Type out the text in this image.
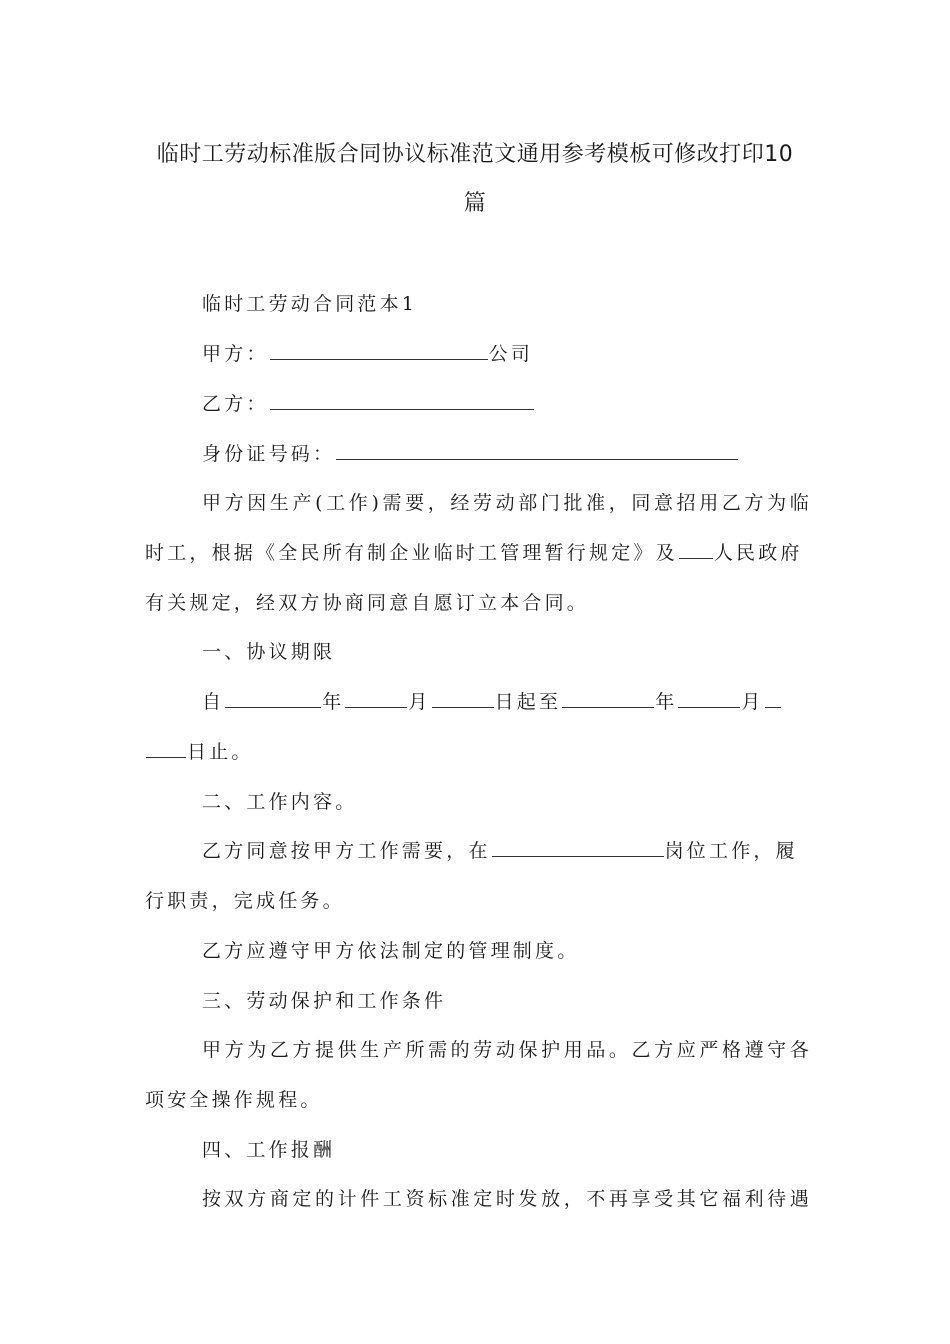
临时工劳动标准版合同协议标准范文通用参考模板可修改打印10
篇
临时工劳动合同范本1
甲方：	公司
乙方：
身份证号码：
甲方因生产(工作)需要，经劳动部门批准，同意招用乙方为临
时工，根据《全民所有制企业临时工管理暂行规定》及 人民政府
有关规定，经双方协商同意自愿订立本合同。
一、协议期限
自	年	月	日起至	年	月
日止。
二、工作内容。
乙方同意按甲方工作需要，在	岗位工作，履
行职责，完成任务。
乙方应遵守甲方依法制定的管理制度。
三、劳动保护和工作条件
甲方为乙方提供生产所需的劳动保护用品。乙方应严格遵守各
项安全操作规程。
四、工作报酬
按双方商定的计件工资标准定时发放，不再享受其它福利待遇
